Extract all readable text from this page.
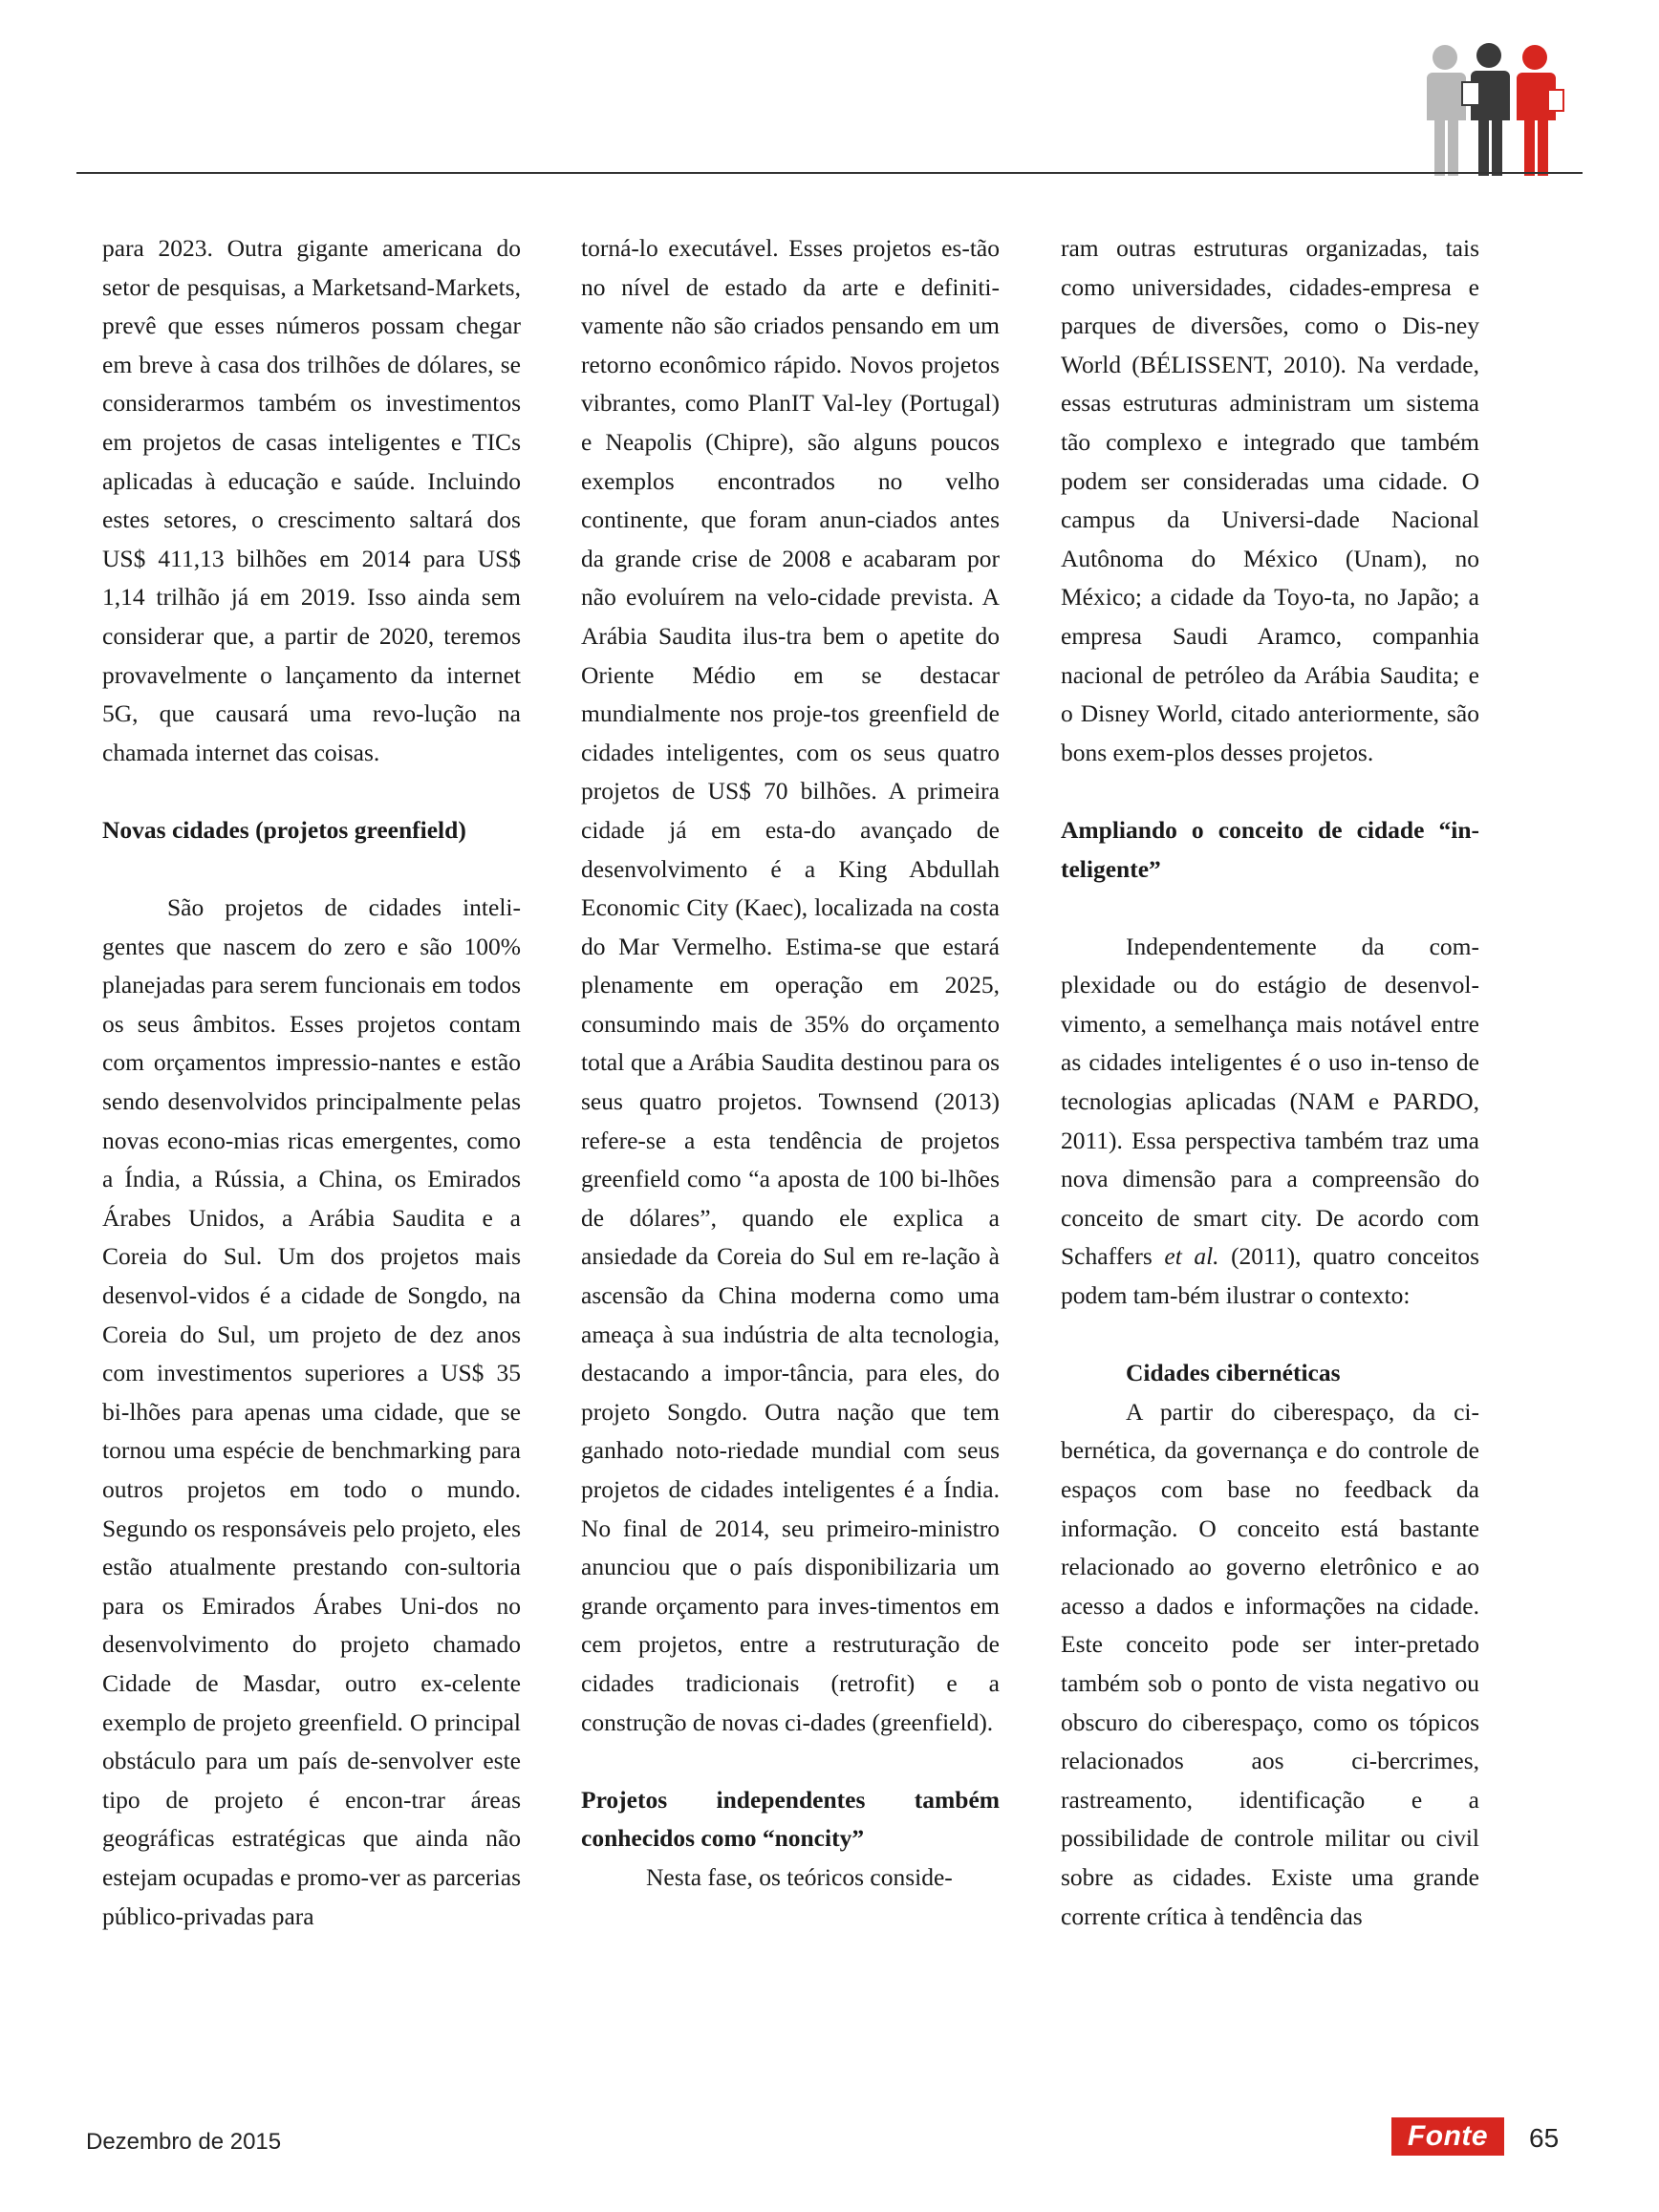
para 2023. Outra gigante americana do setor de pesquisas, a Marketsand-Markets, prevê que esses números possam chegar em breve à casa dos trilhões de dólares, se considerarmos também os investimentos em projetos de casas inteligentes e TICs aplicadas à educação e saúde. Incluindo estes setores, o crescimento saltará dos US$ 411,13 bilhões em 2014 para US$ 1,14 trilhão já em 2019. Isso ainda sem considerar que, a partir de 2020, teremos provavelmente o lançamento da internet 5G, que causará uma revo-lução na chamada internet das coisas.

Novas cidades (projetos greenfield)

São projetos de cidades inteli-gentes que nascem do zero e são 100% planejadas para serem funcionais em todos os seus âmbitos. Esses projetos contam com orçamentos impressio-nantes e estão sendo desenvolvidos principalmente pelas novas econo-mias ricas emergentes, como a Índia, a Rússia, a China, os Emirados Árabes Unidos, a Arábia Saudita e a Coreia do Sul. Um dos projetos mais desenvol-vidos é a cidade de Songdo, na Coreia do Sul, um projeto de dez anos com investimentos superiores a US$ 35 bi-lhões para apenas uma cidade, que se tornou uma espécie de benchmarking para outros projetos em todo o mundo. Segundo os responsáveis pelo projeto, eles estão atualmente prestando con-sultoria para os Emirados Árabes Uni-dos no desenvolvimento do projeto chamado Cidade de Masdar, outro ex-celente exemplo de projeto greenfield. O principal obstáculo para um país de-senvolver este tipo de projeto é encon-trar áreas geográficas estratégicas que ainda não estejam ocupadas e promo-ver as parcerias público-privadas para

torná-lo executável. Esses projetos es-tão no nível de estado da arte e definiti-vamente não são criados pensando em um retorno econômico rápido. Novos projetos vibrantes, como PlanIT Val-ley (Portugal) e Neapolis (Chipre), são alguns poucos exemplos encontrados no velho continente, que foram anun-ciados antes da grande crise de 2008 e acabaram por não evoluírem na velo-cidade prevista. A Arábia Saudita ilus-tra bem o apetite do Oriente Médio em se destacar mundialmente nos proje-tos greenfield de cidades inteligentes, com os seus quatro projetos de US$ 70 bilhões. A primeira cidade já em esta-do avançado de desenvolvimento é a King Abdullah Economic City (Kaec), localizada na costa do Mar Vermelho. Estima-se que estará plenamente em operação em 2025, consumindo mais de 35% do orçamento total que a Arábia Saudita destinou para os seus quatro projetos. Townsend (2013) refere-se a esta tendência de projetos greenfield como “a aposta de 100 bi-lhões de dólares”, quando ele explica a ansiedade da Coreia do Sul em re-lação à ascensão da China moderna como uma ameaça à sua indústria de alta tecnologia, destacando a impor-tância, para eles, do projeto Songdo. Outra nação que tem ganhado noto-riedade mundial com seus projetos de cidades inteligentes é a Índia. No final de 2014, seu primeiro-ministro anunciou que o país disponibilizaria um grande orçamento para inves-timentos em cem projetos, entre a restruturação de cidades tradicionais (retrofit) e a construção de novas ci-dades (greenfield).

Projetos independentes também conhecidos como “noncity”

Nesta fase, os teóricos conside-

ram outras estruturas organizadas, tais como universidades, cidades-empresa e parques de diversões, como o Dis-ney World (BÉLISSENT, 2010). Na verdade, essas estruturas administram um sistema tão complexo e integrado que também podem ser consideradas uma cidade. O campus da Universi-dade Nacional Autônoma do México (Unam), no México; a cidade da Toyo-ta, no Japão; a empresa Saudi Aramco, companhia nacional de petróleo da Arábia Saudita; e o Disney World, citado anteriormente, são bons exem-plos desses projetos.

Ampliando o conceito de cidade “in-teligente”

Independentemente da com-plexidade ou do estágio de desenvol-vimento, a semelhança mais notável entre as cidades inteligentes é o uso in-tenso de tecnologias aplicadas (NAM e PARDO, 2011). Essa perspectiva também traz uma nova dimensão para a compreensão do conceito de smart city. De acordo com Schaffers et al. (2011), quatro conceitos podem tam-bém ilustrar o contexto:

Cidades cibernéticas

A partir do ciberespaço, da ci-bernética, da governança e do controle de espaços com base no feedback da informação. O conceito está bastante relacionado ao governo eletrônico e ao acesso a dados e informações na cidade. Este conceito pode ser inter-pretado também sob o ponto de vista negativo ou obscuro do ciberespaço, como os tópicos relacionados aos ci-bercrimes, rastreamento, identificação e a possibilidade de controle militar ou civil sobre as cidades. Existe uma grande corrente crítica à tendência das

Dezembro de 2015	Fonte	65
